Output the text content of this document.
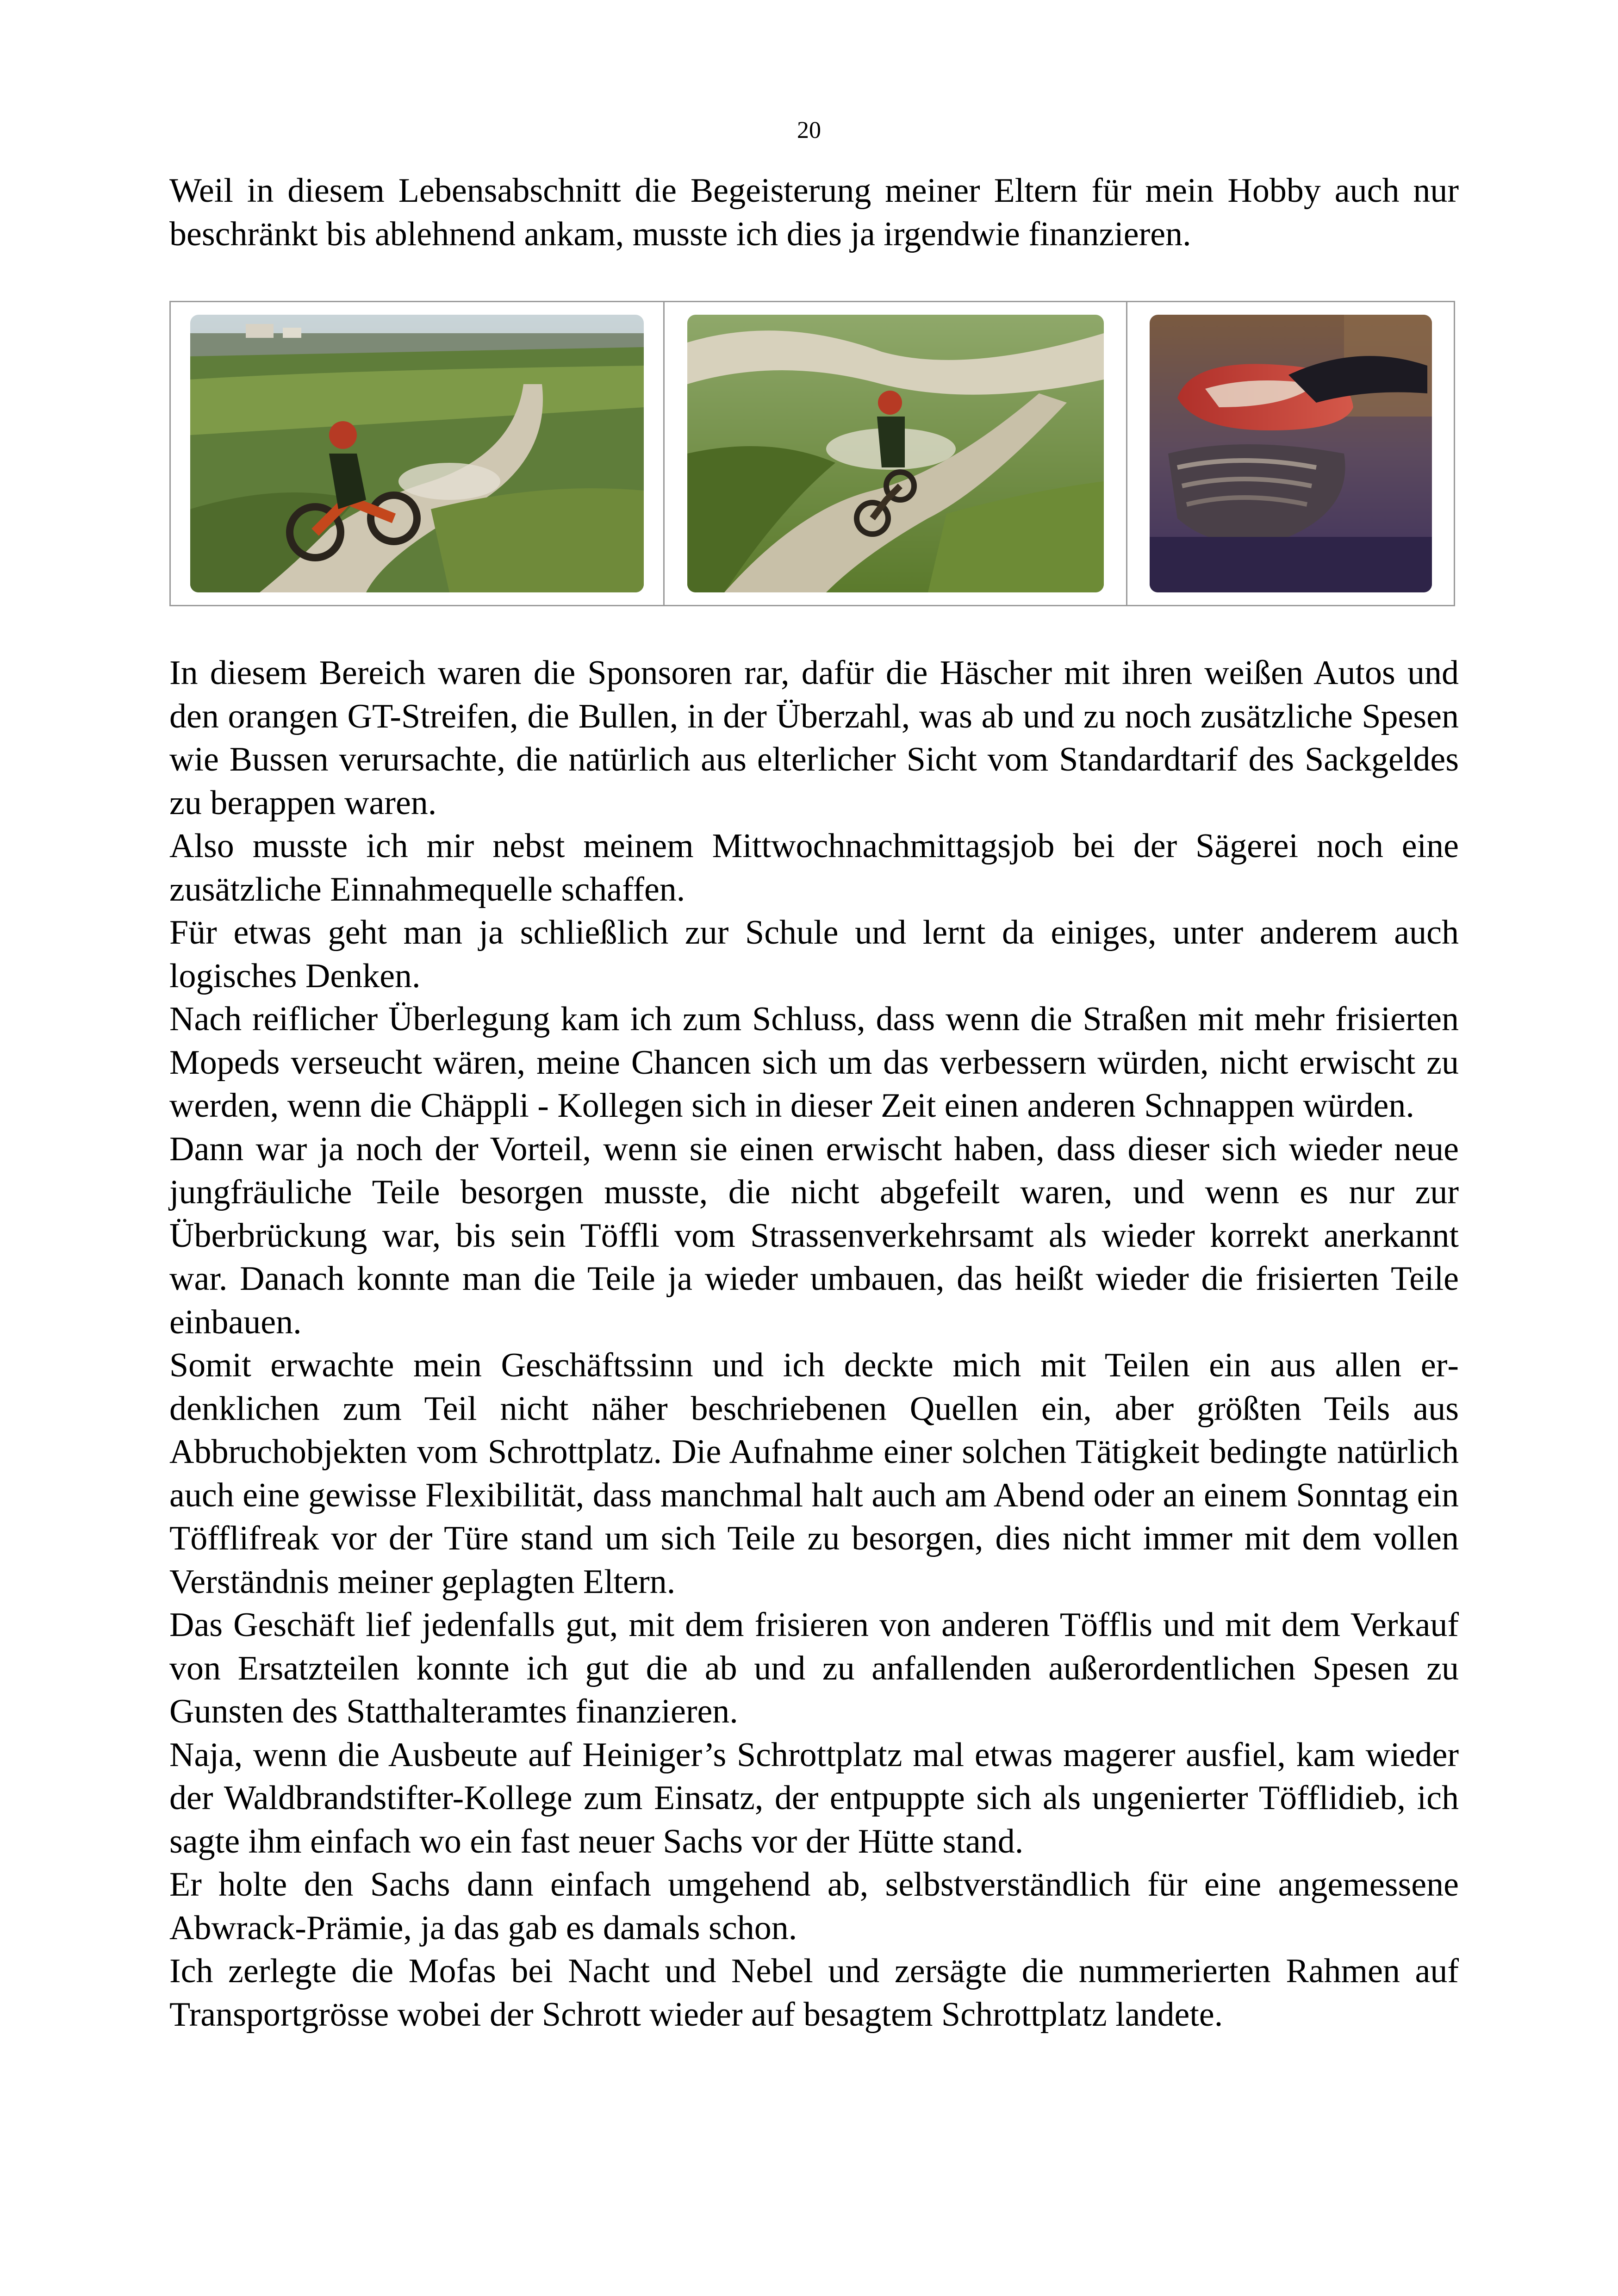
20

Weil in diesem Lebensabschnitt die Begeisterung meiner Eltern für mein Hobby auch nur beschränkt bis ablehnend ankam, musste ich dies ja irgendwie finanzieren.

In diesem Bereich waren die Sponsoren rar, dafür die Häscher mit ihren weißen Autos und den orangen GT-Streifen, die Bullen, in der Überzahl, was ab und zu noch zusätzliche Spesen wie Bussen verursachte, die natürlich aus elterlicher Sicht vom Standardtarif des Sackgeldes zu berappen waren.

Also musste ich mir nebst meinem Mittwochnachmittagsjob bei der Sägerei noch eine zusätzliche Einnahmequelle schaffen.

Für etwas geht man ja schließlich zur Schule und lernt da einiges, unter anderem auch logisches Denken.

Nach reiflicher Überlegung kam ich zum Schluss, dass wenn die Straßen mit mehr frisierten Mopeds verseucht wären, meine Chancen sich um das verbessern würden, nicht erwischt zu werden, wenn die Chäppli - Kollegen sich in dieser Zeit einen anderen Schnappen würden.

Dann war ja noch der Vorteil, wenn sie einen erwischt haben, dass dieser sich wieder neue jungfräuliche Teile besorgen musste, die nicht abgefeilt waren, und wenn es nur zur Überbrückung war, bis sein Töffli vom Strassenverkehrsamt als wieder korrekt anerkannt war. Danach konnte man die Teile ja wieder umbauen, das heißt wieder die frisierten Teile einbauen.

Somit erwachte mein Geschäftssinn und ich deckte mich mit Teilen ein aus allen erdenklichen zum Teil nicht näher beschriebenen Quellen ein, aber größten Teils aus Abbruchobjekten vom Schrottplatz. Die Aufnahme einer solchen Tätigkeit bedingte natürlich auch eine gewisse Flexibilität, dass manchmal halt auch am Abend oder an einem Sonntag ein Töfflifreak vor der Türe stand um sich Teile zu besorgen, dies nicht immer mit dem vollen Verständnis meiner geplagten Eltern.

Das Geschäft lief jedenfalls gut, mit dem frisieren von anderen Töfflis und mit dem Verkauf von Ersatzteilen konnte ich gut die ab und zu anfallenden außerordentlichen Spesen zu Gunsten des Statthalteramtes finanzieren.

Naja, wenn die Ausbeute auf Heiniger’s Schrottplatz mal etwas magerer ausfiel, kam wieder der Waldbrandstifter-Kollege zum Einsatz, der entpuppte sich als ungenierter Töfflidieb, ich sagte ihm einfach wo ein fast neuer Sachs vor der Hütte stand.

Er holte den Sachs dann einfach umgehend ab, selbstverständlich für eine angemessene Abwrack-Prämie, ja das gab es damals schon.

Ich zerlegte die Mofas bei Nacht und Nebel und zersägte die nummerierten Rahmen auf Transportgrösse wobei der Schrott wieder auf besagtem Schrottplatz landete.
